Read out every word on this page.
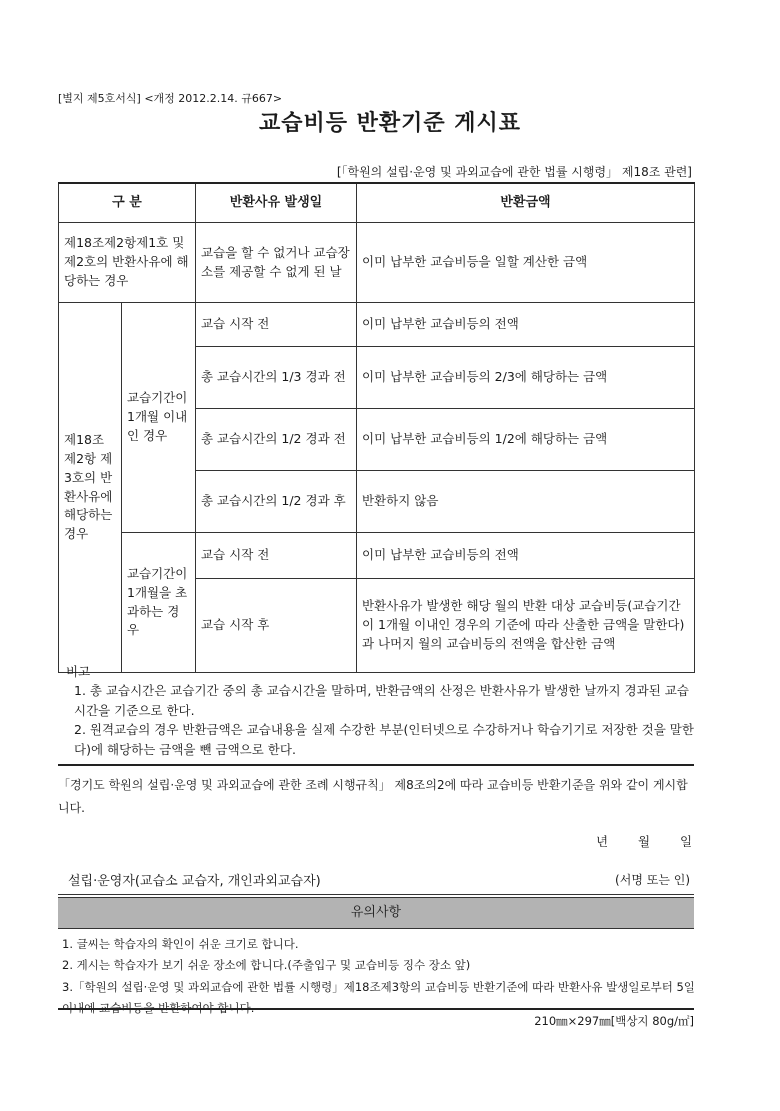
[별지 제5호서식] <개정 2012.2.14. 규667>
교습비등 반환기준 게시표
[「학원의 설립·운영 및 과외교습에 관한 법률 시행령」 제18조 관련]
구 분		반환사유 발생일	반환금액
제18조제2항제1호 및 제2호의 반환사유에 해당하는 경우		교습을 할 수 없거나 교습장소를 제공할 수 없게 된 날	이미 납부한 교습비등을 일할 계산한 금액
제18조제2항 제3호의 반환사유에 해당하는 경우	교습기간이 1개월 이내인 경우	교습 시작 전	이미 납부한 교습비등의 전액
		총 교습시간의 1/3 경과 전	이미 납부한 교습비등의 2/3에 해당하는 금액
		총 교습시간의 1/2 경과 전	이미 납부한 교습비등의 1/2에 해당하는 금액
		총 교습시간의 1/2 경과 후	반환하지 않음
	교습기간이 1개월을 초과하는 경우	교습 시작 전	이미 납부한 교습비등의 전액
		교습 시작 후	반환사유가 발생한 해당 월의 반환 대상 교습비등(교습기간이 1개월 이내인 경우의 기준에 따라 산출한 금액을 말한다)과 나머지 월의 교습비등의 전액을 합산한 금액

비고

1. 총 교습시간은 교습기간 중의 총 교습시간을 말하며, 반환금액의 산정은 반환사유가 발생한 날까지 경과된 교습시간을 기준으로 한다.

2. 원격교습의 경우 반환금액은 교습내용을 실제 수강한 부분(인터넷으로 수강하거나 학습기기로 저장한 것을 말한다)에 해당하는 금액을 뺀 금액으로 한다.

「경기도 학원의 설립·운영 및 과외교습에 관한 조례 시행규칙」 제8조의2에 따라 교습비등 반환기준을 위와 같이 게시합니다.
년 월 일
설립·운영자(교습소 교습자, 개인과외교습자)	(서명 또는 인)
유의사항

1. 글씨는 학습자의 확인이 쉬운 크기로 합니다.

2. 게시는 학습자가 보기 쉬운 장소에 합니다.(주출입구 및 교습비등 징수 장소 앞)

3.「학원의 설립·운영 및 과외교습에 관한 법률 시행령」제18조제3항의 교습비등 반환기준에 따라 반환사유 발생일로부터 5일 이내에 교습비등을 반환하여야 합니다.

210㎜×297㎜[백상지 80g/㎡]
